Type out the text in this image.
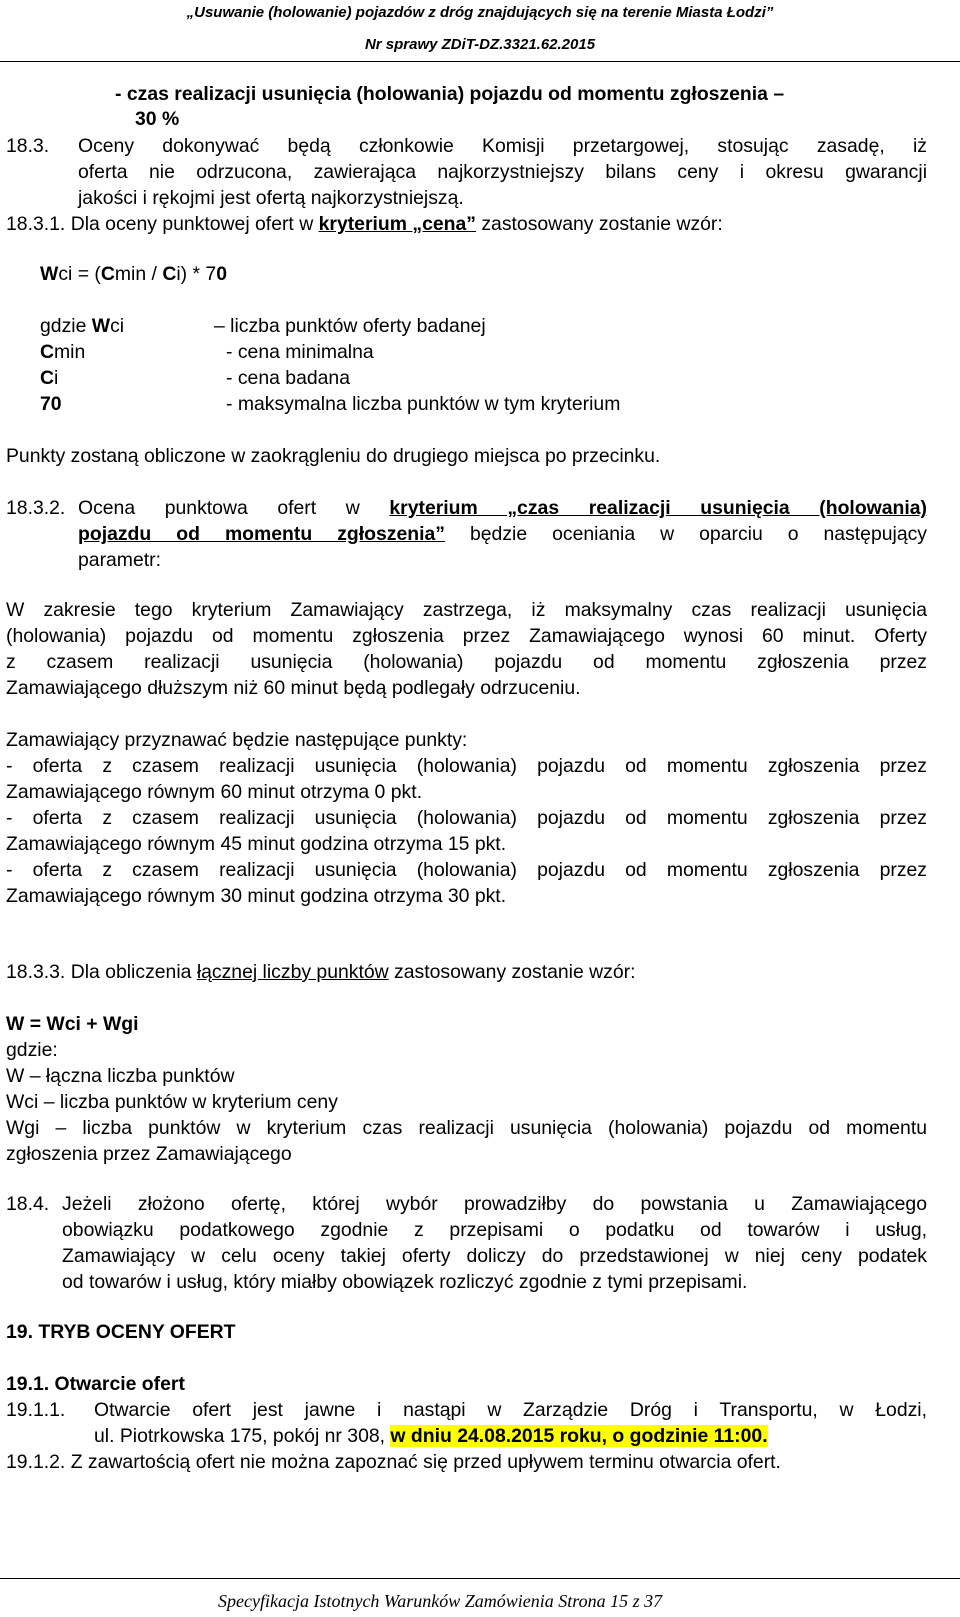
„Usuwanie (holowanie) pojazdów z dróg znajdujących się na terenie Miasta Łodzi”
Nr sprawy ZDiT-DZ.3321.62.2015
- czas realizacji usunięcia (holowania) pojazdu od momentu zgłoszenia –
30 %
18.3. Oceny dokonywać będą członkowie Komisji przetargowej, stosując zasadę, iż
oferta nie odrzucona, zawierająca najkorzystniejszy bilans ceny i okresu gwarancji
jakości i rękojmi jest ofertą najkorzystniejszą.
18.3.1. Dla oceny punktowej ofert w kryterium „cena” zastosowany zostanie wzór:
Wci = (Cmin / Ci) * 70
gdzie Wci	– liczba punktów oferty badanej
Cmin	- cena minimalna
Ci	- cena badana
70	- maksymalna liczba punktów w tym kryterium
Punkty zostaną obliczone w zaokrągleniu do drugiego miejsca po przecinku.
18.3.2. Ocena punktowa ofert w kryterium „czas realizacji usunięcia (holowania)
pojazdu od momentu zgłoszenia” będzie oceniania w oparciu o następujący
parametr:
W zakresie tego kryterium Zamawiający zastrzega, iż maksymalny czas realizacji usunięcia
(holowania) pojazdu od momentu zgłoszenia przez Zamawiającego wynosi 60 minut. Oferty
z czasem realizacji usunięcia (holowania) pojazdu od momentu zgłoszenia przez
Zamawiającego dłuższym niż 60 minut będą podlegały odrzuceniu.
Zamawiający przyznawać będzie następujące punkty:
- oferta z czasem realizacji usunięcia (holowania) pojazdu od momentu zgłoszenia przez
Zamawiającego równym 60 minut otrzyma 0 pkt.
- oferta z czasem realizacji usunięcia (holowania) pojazdu od momentu zgłoszenia przez
Zamawiającego równym 45 minut godzina otrzyma 15 pkt.
- oferta z czasem realizacji usunięcia (holowania) pojazdu od momentu zgłoszenia przez
Zamawiającego równym 30 minut godzina otrzyma 30 pkt.
18.3.3. Dla obliczenia łącznej liczby punktów zastosowany zostanie wzór:
W = Wci + Wgi
gdzie:
W – łączna liczba punktów
Wci – liczba punktów w kryterium ceny
Wgi – liczba punktów w kryterium czas realizacji usunięcia (holowania) pojazdu od momentu
zgłoszenia przez Zamawiającego
18.4. Jeżeli złożono ofertę, której wybór prowadziłby do powstania u Zamawiającego
obowiązku podatkowego zgodnie z przepisami o podatku od towarów i usług,
Zamawiający w celu oceny takiej oferty doliczy do przedstawionej w niej ceny podatek
od towarów i usług, który miałby obowiązek rozliczyć zgodnie z tymi przepisami.
19. TRYB OCENY OFERT
19.1. Otwarcie ofert
19.1.1. Otwarcie ofert jest jawne i nastąpi w Zarządzie Dróg i Transportu, w Łodzi,
ul. Piotrkowska 175, pokój nr 308, w dniu 24.08.2015 roku, o godzinie 11:00.
19.1.2. Z zawartością ofert nie można zapoznać się przed upływem terminu otwarcia ofert.
Specyfikacja Istotnych Warunków Zamówienia Strona 15 z 37
